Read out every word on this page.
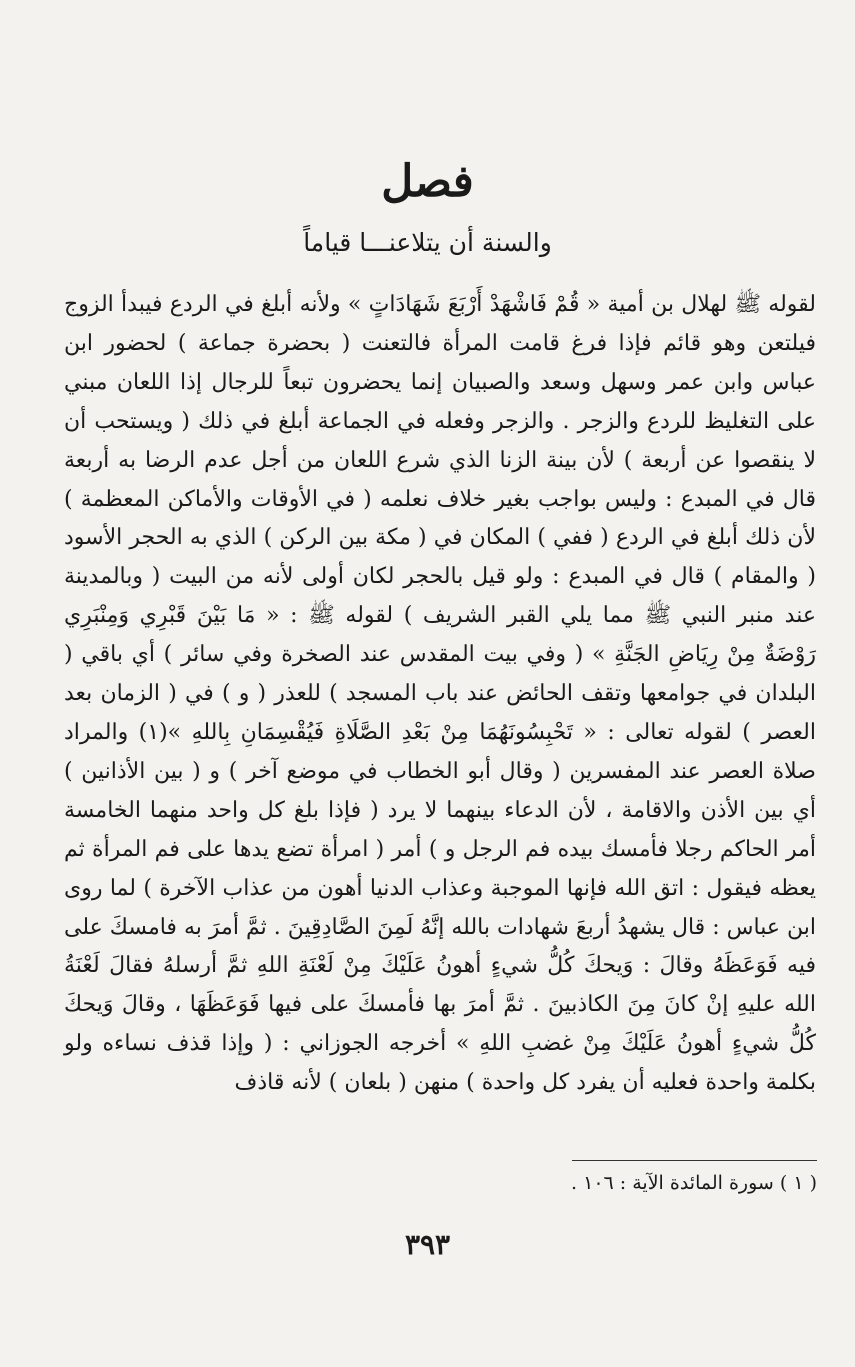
فصل
والسنة أن يتلاعنـــا قياماً

لقوله ﷺ لهلال بن أمية « قُمْ فَاشْهَدْ أَرْبَعَ شَهَادَاتٍ » ولأنه أبلغ في الردع فيبدأ الزوج فيلتعن وهو قائم فإذا فرغ قامت المرأة فالتعنت ( بحضرة جماعة ) لحضور ابن عباس وابن عمر وسهل وسعد والصبيان إنما يحضرون تبعاً للرجال إذا اللعان مبني على التغليظ للردع والزجر . والزجر وفعله في الجماعة أبلغ في ذلك ( ويستحب أن لا ينقصوا عن أربعة ) لأن بينة الزنا الذي شرع اللعان من أجل عدم الرضا به أربعة قال في المبدع : وليس بواجب بغير خلاف نعلمه ( في الأوقات والأماكن المعظمة ) لأن ذلك أبلغ في الردع ( ففي ) المكان في ( مكة بين الركن ) الذي به الحجر الأسود ( والمقام ) قال في المبدع : ولو قيل بالحجر لكان أولى لأنه من البيت ( وبالمدينة عند منبر النبي ﷺ مما يلي القبر الشريف ) لقوله ﷺ : « مَا بَيْنَ قَبْرِي وَمِنْبَرِي رَوْضَةٌ مِنْ رِيَاضِ الجَنَّةِ » ( وفي بيت المقدس عند الصخرة وفي سائر ) أي باقي ( البلدان في جوامعها وتقف الحائض عند باب المسجد ) للعذر ( و ) في ( الزمان بعد العصر ) لقوله تعالى : « تَحْبِسُونَهُمَا مِنْ بَعْدِ الصَّلَاةِ فَيُقْسِمَانِ بِاللهِ »(١) والمراد صلاة العصر عند المفسرين ( وقال أبو الخطاب في موضع آخر ) و ( بين الأذانين ) أي بين الأذن والاقامة ، لأن الدعاء بينهما لا يرد ( فإذا بلغ كل واحد منهما الخامسة أمر الحاكم رجلا فأمسك بيده فم الرجل و ) أمر ( امرأة تضع يدها على فم المرأة ثم يعظه فيقول : اتق الله فإنها الموجبة وعذاب الدنيا أهون من عذاب الآخرة ) لما روى ابن عباس : قال يشهدُ أربعَ شهادات بالله إنَّهُ لَمِنَ الصَّادِقِينَ . ثمَّ أمرَ به فامسكَ على فيه فَوَعَظَهُ وقالَ : وَيحكَ كُلُّ شيءٍ أهونُ عَلَيْكَ مِنْ لَعْنَةِ اللهِ ثمَّ أرسلهُ فقالَ لَعْنَةُ الله عليهِ إنْ كانَ مِنَ الكاذبينَ . ثمَّ أمرَ بها فأمسكَ على فيها فَوَعَظَهَا ، وقالَ وَيحكَ كُلُّ شيءٍ أهونُ عَلَيْكَ مِنْ غضبِ اللهِ » أخرجه الجوزاني : ( وإذا قذف نساءه ولو بكلمة واحدة فعليه أن يفرد كل واحدة ) منهن ( بلعان ) لأنه قاذف

( ١ ) سورة المائدة الآية : ١٠٦ .
٣٩٣
